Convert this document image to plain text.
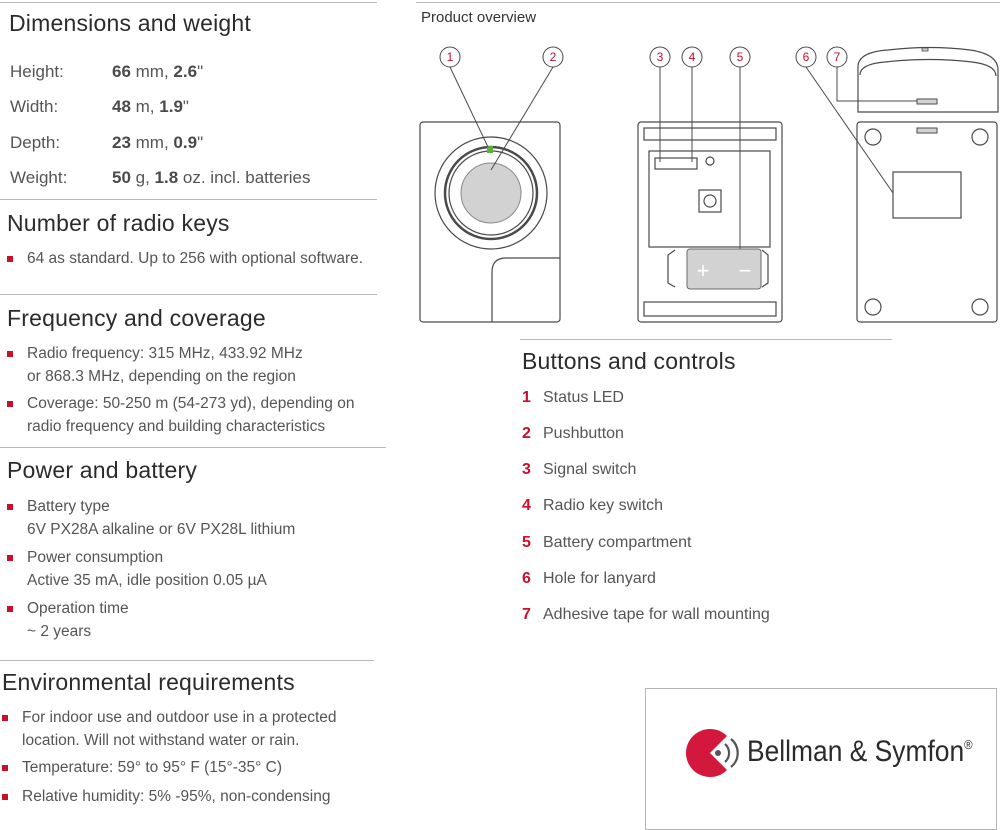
Dimensions and weight
Height:	66 mm, 2.6"
Width:	48 m, 1.9"
Depth:	23 mm, 0.9"
Weight:	50 g, 1.8 oz. incl. batteries
Number of radio keys
64 as standard. Up to 256 with optional software.
Frequency and coverage
Radio frequency: 315 MHz, 433.92 MHz
or 868.3 MHz, depending on the region
Coverage: 50-250 m (54-273 yd), depending on
radio frequency and building characteristics
Power and battery
Battery type
6V PX28A alkaline or 6V PX28L lithium
Power consumption
Active 35 mA, idle position 0.05 µA
Operation time
~ 2 years
Environmental requirements
For indoor use and outdoor use in a protected
location. Will not withstand water or rain.
Temperature: 59° to 95° F (15°-35° C)
Relative humidity: 5% -95%, non-condensing
Product overview
+ −
1	2	3 4	5	6 7
Buttons and controls
1 Status LED
2 Pushbutton
3 Signal switch
4 Radio key switch
5 Battery compartment
6 Hole for lanyard
7 Adhesive tape for wall mounting
Bellman & Symfon®
